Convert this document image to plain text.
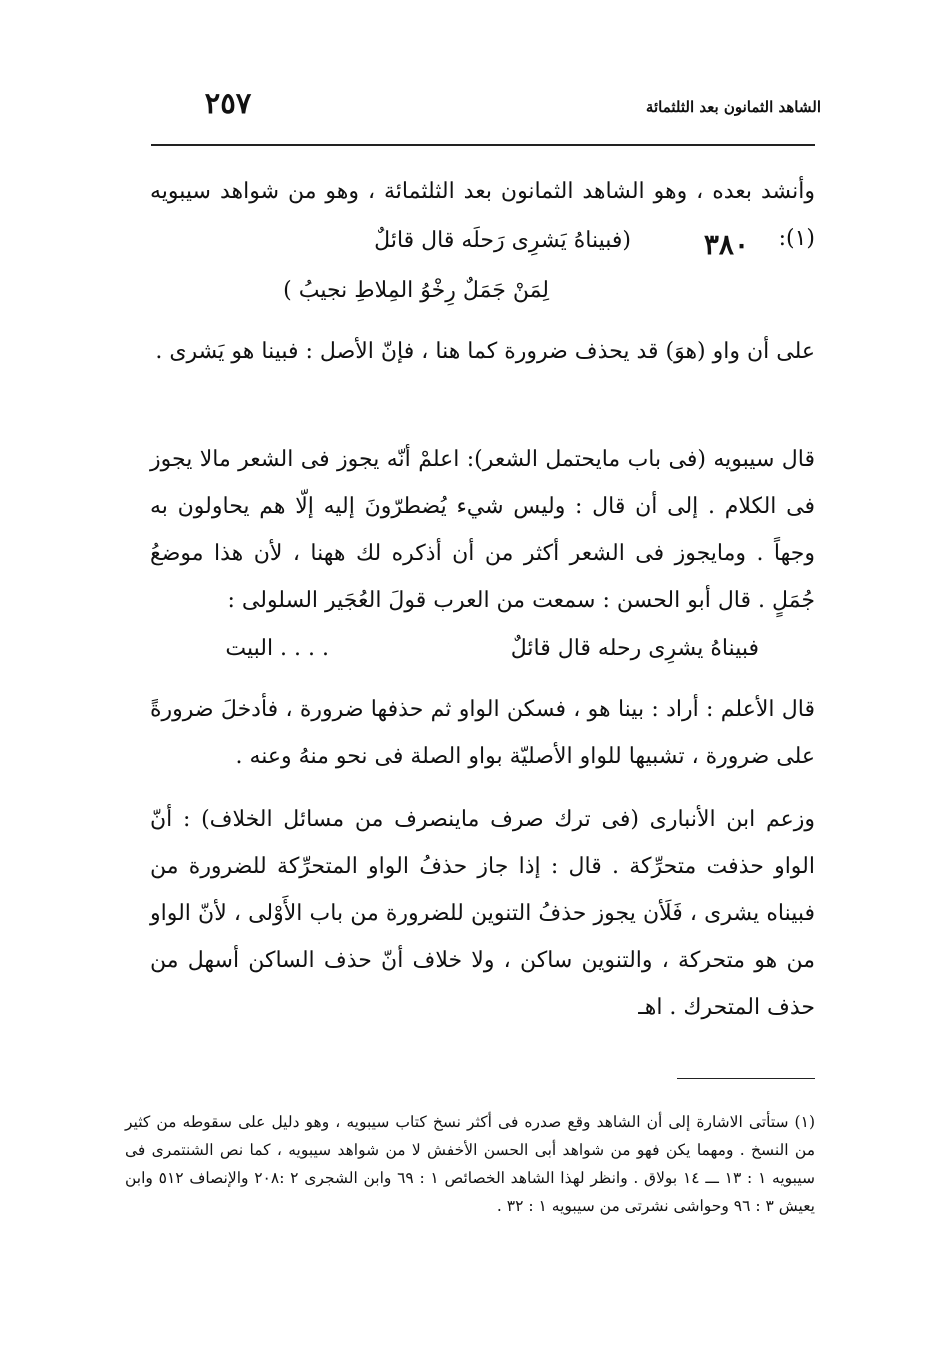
الشاهد الثمانون بعد الثلثمائة
٢٥٧
وأنشد بعده ، وهو الشاهد الثمانون بعد الثلثمائة ، وهو من شواهد سيبويه (١):
٣٨٠
(فبيناهُ يَشرِى رَحلَه قال قائلٌ
لِمَنْ جَمَلٌ رِخْوُ المِلاطِ نجيبُ )
على أن واو (هوَ) قد يحذف ضرورة كما هنا ، فإنّ الأصل : فبينا هو يَشرى .
قال سيبويه (فى باب مايحتمل الشعر): اعلمْ أنّه يجوز فى الشعر مالا يجوز فى الكلام . إلى أن قال : وليس شيء يُضطرّونَ إليه إلّا هم يحاولون به وجهاً . ومايجوز فى الشعر أكثر من أن أذكره لك ههنا ، لأن هذا موضعُ جُمَلٍ . قال أبو الحسن : سمعت من العرب قولَ العُجَير السلولى :
فبيناهُ يشرِى رحله قال قائلٌ
. . . . البيت
قال الأعلم : أراد : بينا هو ، فسكن الواو ثم حذفها ضرورة ، فأدخلَ ضرورةً على ضرورة ، تشبيها للواو الأصليّة بواو الصلة فى نحو منهُ وعنه .
وزعم ابن الأنبارى (فى ترك صرف ماينصرف من مسائل الخلاف) : أنّ الواو حذفت متحرِّكة . قال : إذا جاز حذفُ الواو المتحرِّكة للضرورة من فبيناه يشرى ، فَلَأن يجوز حذفُ التنوين للضرورة من باب الأَوْلى ، لأنّ الواو من هو متحركة ، والتنوين ساكن ، ولا خلاف أنّ حذف الساكن أسهل من حذف المتحرك . اهـ
(١) ستأتى الاشارة إلى أن الشاهد وقع صدره فى أكثر نسخ كتاب سيبويه ، وهو دليل على سقوطه من كثير من النسخ . ومهما يكن فهو من شواهد أبى الحسن الأخفش لا من شواهد سيبويه ، كما نص الشنتمرى فى سيبويه ١ : ١٣ ـــ ١٤ بولاق . وانظر لهذا الشاهد الخصائص ١ : ٦٩ وابن الشجرى ٢ :٢٠٨ والإنصاف ٥١٢ وابن يعيش ٣ : ٩٦ وحواشى نشرتى من سيبويه ١ : ٣٢ .
